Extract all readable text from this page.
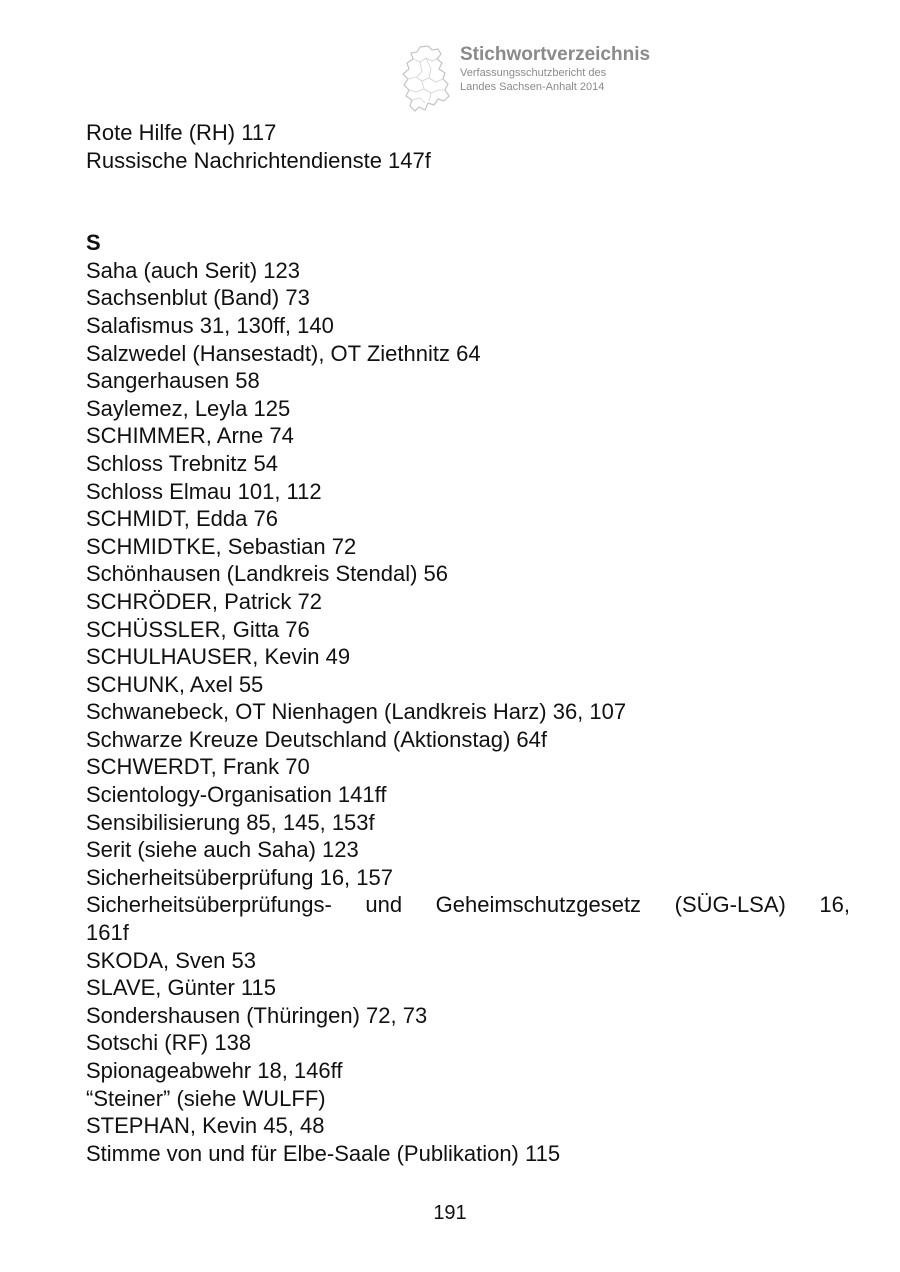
Stichwortverzeichnis
Verfassungsschutzbericht des
Landes Sachsen-Anhalt 2014
Rote Hilfe (RH) 117
Russische Nachrichtendienste 147f
S
Saha (auch Serit) 123
Sachsenblut (Band) 73
Salafismus 31, 130ff, 140
Salzwedel (Hansestadt), OT Ziethnitz 64
Sangerhausen 58
Saylemez, Leyla 125
SCHIMMER, Arne 74
Schloss Trebnitz 54
Schloss Elmau 101, 112
SCHMIDT, Edda 76
SCHMIDTKE, Sebastian 72
Schönhausen (Landkreis Stendal) 56
SCHRÖDER, Patrick 72
SCHÜSSLER, Gitta 76
SCHULHAUSER, Kevin 49
SCHUNK, Axel 55
Schwanebeck, OT Nienhagen (Landkreis Harz) 36, 107
Schwarze Kreuze Deutschland (Aktionstag) 64f
SCHWERDT, Frank 70
Scientology-Organisation 141ff
Sensibilisierung 85, 145, 153f
Serit (siehe auch Saha) 123
Sicherheitsüberprüfung 16, 157
Sicherheitsüberprüfungs- und Geheimschutzgesetz (SÜG-LSA) 16,
161f
SKODA, Sven 53
SLAVE, Günter 115
Sondershausen (Thüringen) 72, 73
Sotschi (RF) 138
Spionageabwehr 18, 146ff
“Steiner” (siehe WULFF)
STEPHAN, Kevin 45, 48
Stimme von und für Elbe-Saale (Publikation) 115
191
